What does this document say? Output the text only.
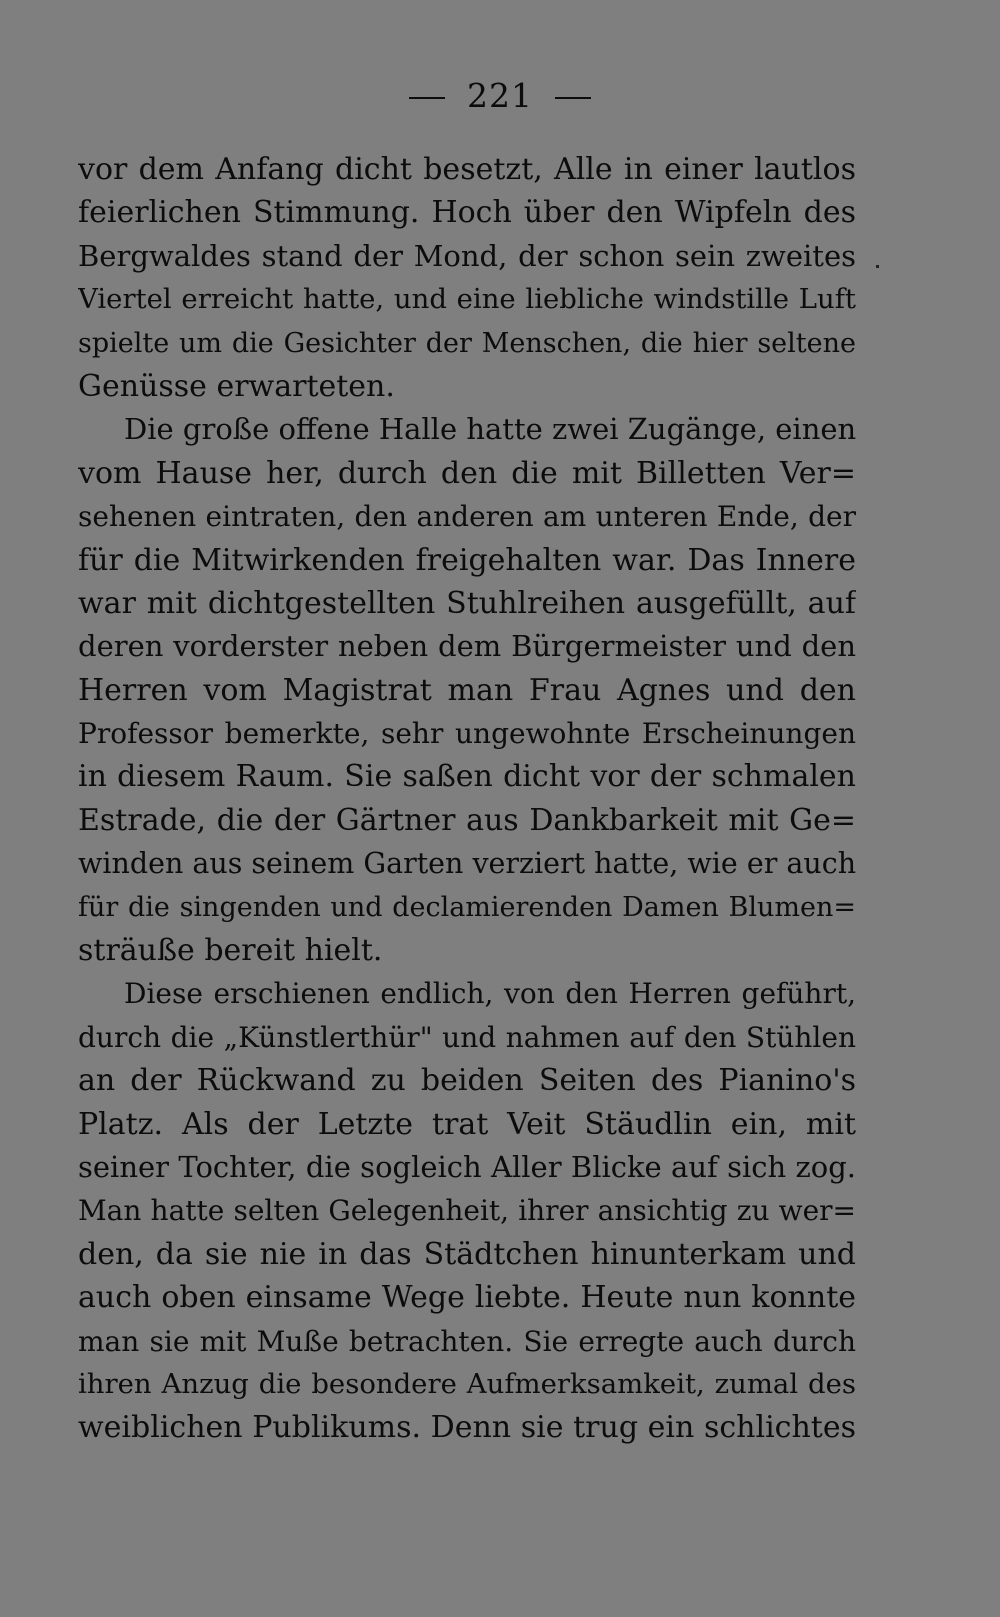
221
vor dem Anfang dicht besetzt, Alle in einer lautlos
feierlichen Stimmung. Hoch über den Wipfeln des
Bergwaldes stand der Mond, der schon sein zweites
Viertel erreicht hatte, und eine liebliche windstille Luft
spielte um die Gesichter der Menschen, die hier seltene
Genüsse erwarteten.
Die große offene Halle hatte zwei Zugänge, einen
vom Hause her, durch den die mit Billetten Ver=
sehenen eintraten, den anderen am unteren Ende, der
für die Mitwirkenden freigehalten war. Das Innere
war mit dichtgestellten Stuhlreihen ausgefüllt, auf
deren vorderster neben dem Bürgermeister und den
Herren vom Magistrat man Frau Agnes und den
Professor bemerkte, sehr ungewohnte Erscheinungen
in diesem Raum. Sie saßen dicht vor der schmalen
Estrade, die der Gärtner aus Dankbarkeit mit Ge=
winden aus seinem Garten verziert hatte, wie er auch
für die singenden und declamierenden Damen Blumen=
sträuße bereit hielt.
Diese erschienen endlich, von den Herren geführt,
durch die „Künstlerthür" und nahmen auf den Stühlen
an der Rückwand zu beiden Seiten des Pianino's
Platz. Als der Letzte trat Veit Stäudlin ein, mit
seiner Tochter, die sogleich Aller Blicke auf sich zog.
Man hatte selten Gelegenheit, ihrer ansichtig zu wer=
den, da sie nie in das Städtchen hinunterkam und
auch oben einsame Wege liebte. Heute nun konnte
man sie mit Muße betrachten. Sie erregte auch durch
ihren Anzug die besondere Aufmerksamkeit, zumal des
weiblichen Publikums. Denn sie trug ein schlichtes
